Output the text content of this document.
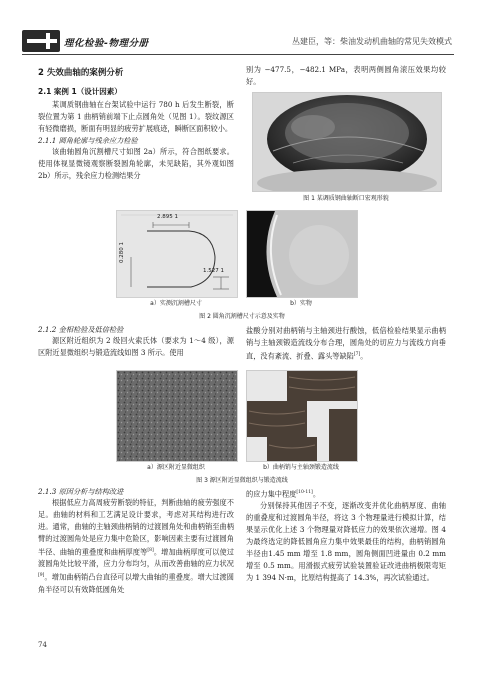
理化检验-物理分册	丛建臣，等：柴油发动机曲轴的常见失效模式
2 失效曲轴的案例分析
2.1 案例 1（设计因素）

某调质钢曲轴在台架试验中运行 780 h 后发生断裂，断裂位置为第 1 曲柄销前端下止点圆角处（见图 1）。裂纹源区有轻微磨损，断面有明显的疲劳扩展痕迹，瞬断区面积较小。

2.1.1 圆角轮廓与残余应力检验

该曲轴圆角沉割槽尺寸如图 2a）所示，符合图纸要求。使用体视显微镜观察断裂圆角轮廓，未见缺陷，其外观如图2b）所示，残余应力检测结果分

别为 −477.5，−482.1 MPa，表明两侧圆角滚压效果均较好。

图 1 某调质钢曲轴断口宏观形貌
2.895 1
0.280 1
1.527 1
a）实测沉割槽尺寸	b）实物
图 2 圆角沉割槽尺寸示意及实物
2.1.2 金相检验及低倍检验

源区附近组织为 2 级回火索氏体（要求为 1～4 级），源区附近显微组织与锻造流线如图 3 所示。使用

盐酸分别对曲柄销与主轴颈进行酸蚀，低倍检验结果显示曲柄销与主轴颈锻造流线分布合理，圆角处的切应力与流线方向垂直，没有紊流、折叠、露头等缺陷[7]。

a）源区附近显微组织	b）曲柄销与主轴颈锻造流线
图 3 源区附近显微组织与锻造流线
2.1.3 原因分析与结构改进

根据低应力高周疲劳断裂的特征，判断曲轴的疲劳强度不足。曲轴的材料和工艺满足设计要求，考虑对其结构进行改进。通常，曲轴的主轴颈曲柄销的过渡圆角处和曲柄销至曲柄臂的过渡圆角处是应力集中危险区，影响因素主要有过渡圆角半径、曲轴的重叠度和曲柄厚度等[8]。增加曲柄厚度可以使过渡圆角处比较平滑，应力分布均匀，从而改善曲轴的应力状况[9]。增加曲柄销凸台直径可以增大曲轴的重叠度。增大过渡圆角半径可以有效降低圆角处

的应力集中程度[10-11]。

分别保持其他因子不变，逐渐改变并优化曲柄厚度、曲轴的重叠度和过渡圆角半径，将这 3 个物理量进行模拟计算，结果显示优化上述 3 个物理量对降低应力的效果依次递增。图 4 为最终选定的降低圆角应力集中效果最佳的结构，曲柄销圆角半径由1.45 mm 增至 1.8 mm，圆角侧面凹进量由 0.2 mm增至 0.5 mm。用滑振式疲劳试验装置验证改进曲柄极限弯矩为 1 394 N·m，比原结构提高了 14.3%，再次试验通过。

74
